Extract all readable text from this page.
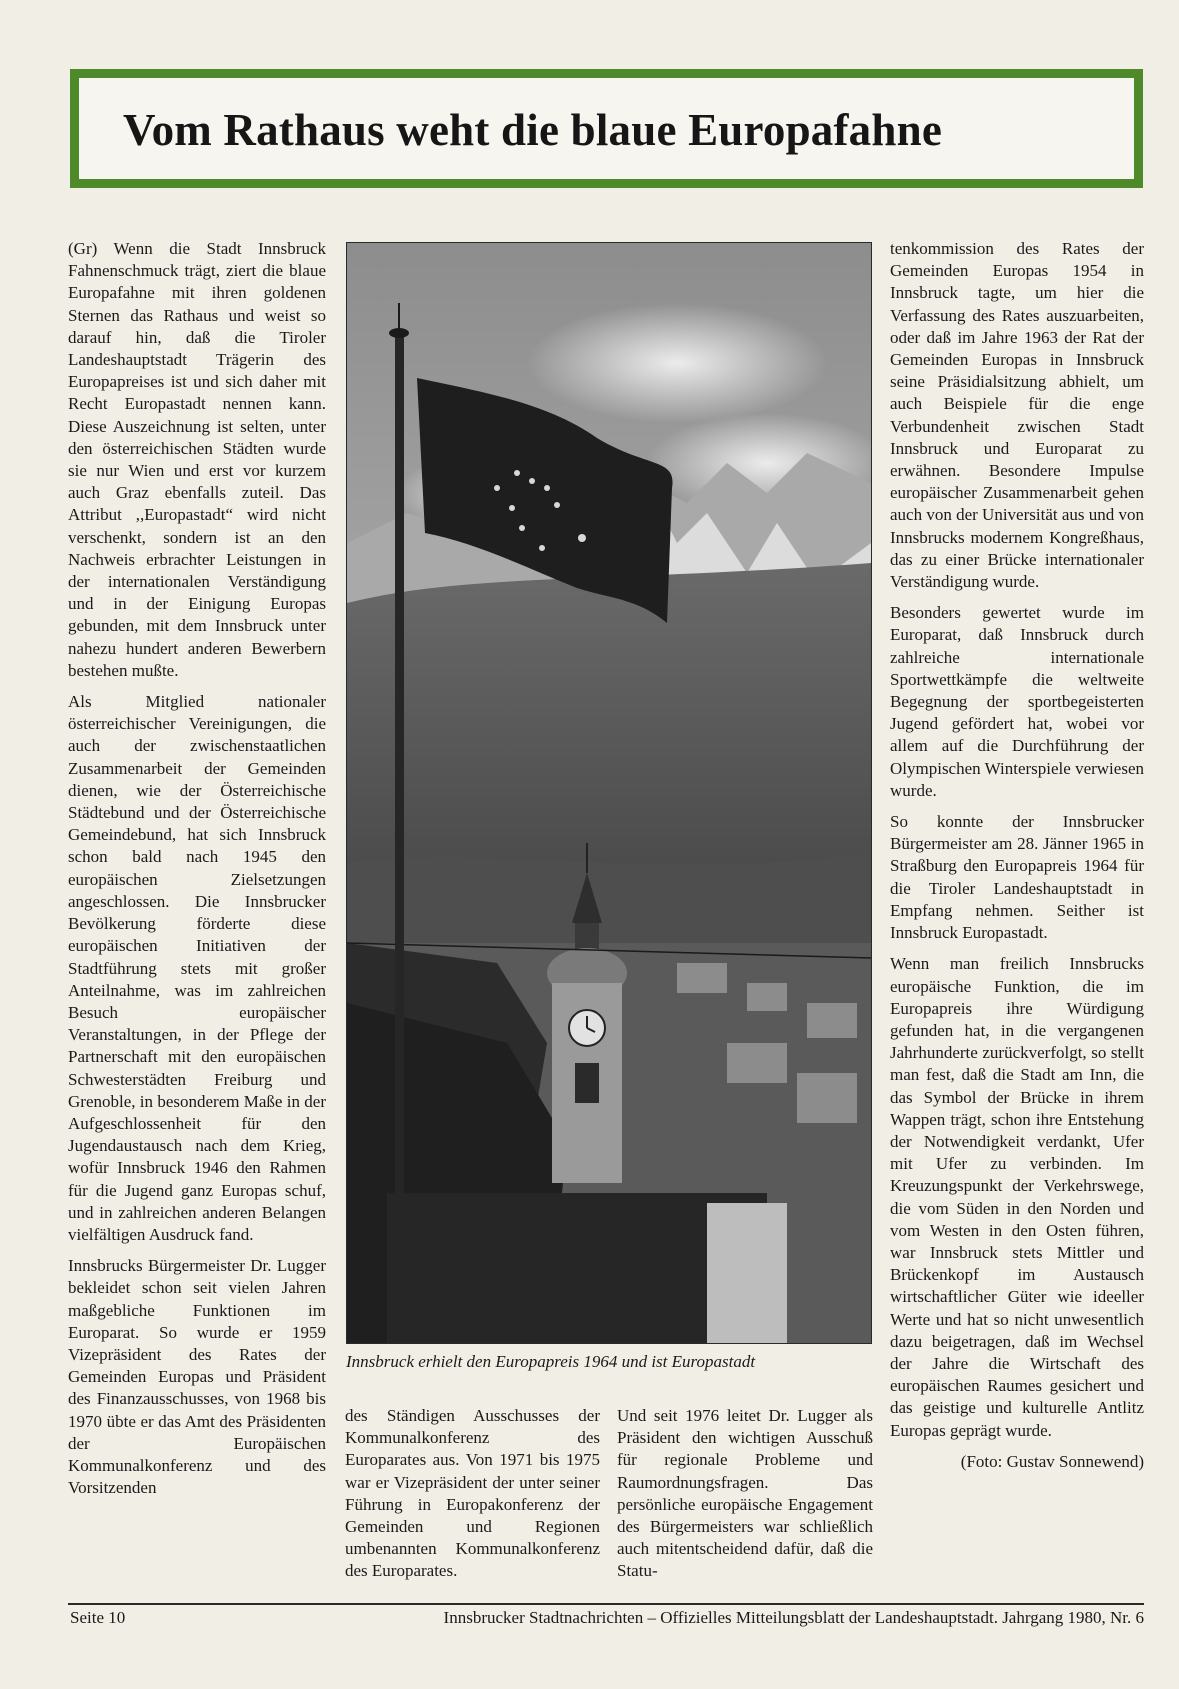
Vom Rathaus weht die blaue Europafahne

(Gr) Wenn die Stadt Innsbruck Fahnenschmuck trägt, ziert die blaue Europafahne mit ihren goldenen Sternen das Rathaus und weist so darauf hin, daß die Tiroler Landeshauptstadt Trägerin des Europapreises ist und sich daher mit Recht Europastadt nennen kann. Diese Auszeichnung ist selten, unter den österreichischen Städten wurde sie nur Wien und erst vor kurzem auch Graz ebenfalls zuteil. Das Attribut ,,Europastadt“ wird nicht verschenkt, sondern ist an den Nachweis erbrachter Leistungen in der internationalen Verständigung und in der Einigung Europas gebunden, mit dem Innsbruck unter nahezu hundert anderen Bewerbern bestehen mußte.

Als Mitglied nationaler österreichischer Vereinigungen, die auch der zwischenstaatlichen Zusammenarbeit der Gemeinden dienen, wie der Österreichische Städtebund und der Österreichische Gemeindebund, hat sich Innsbruck schon bald nach 1945 den europäischen Zielsetzungen angeschlossen. Die Innsbrucker Bevölkerung förderte diese europäischen Initiativen der Stadtführung stets mit großer Anteilnahme, was im zahlreichen Besuch europäischer Veranstaltungen, in der Pflege der Partnerschaft mit den europäischen Schwesterstädten Freiburg und Grenoble, in besonderem Maße in der Aufgeschlossenheit für den Jugendaustausch nach dem Krieg, wofür Innsbruck 1946 den Rahmen für die Jugend ganz Europas schuf, und in zahlreichen anderen Belangen vielfältigen Ausdruck fand.

Innsbrucks Bürgermeister Dr. Lugger bekleidet schon seit vielen Jahren maßgebliche Funktionen im Europarat. So wurde er 1959 Vizepräsident des Rates der Gemeinden Europas und Präsident des Finanzausschusses, von 1968 bis 1970 übte er das Amt des Präsidenten der Europäischen Kommunalkonferenz und des Vorsitzenden

Innsbruck erhielt den Europapreis 1964 und ist Europastadt

des Ständigen Ausschusses der Kommunalkonferenz des Europarates aus. Von 1971 bis 1975 war er Vizepräsident der unter seiner Führung in Europakonferenz der Gemeinden und Regionen umbenannten Kommunalkonferenz des Europarates.

Und seit 1976 leitet Dr. Lugger als Präsident den wichtigen Ausschuß für regionale Probleme und Raumordnungsfragen. Das persönliche europäische Engagement des Bürgermeisters war schließlich auch mitentscheidend dafür, daß die Statu-

tenkommission des Rates der Gemeinden Europas 1954 in Innsbruck tagte, um hier die Verfassung des Rates auszuarbeiten, oder daß im Jahre 1963 der Rat der Gemeinden Europas in Innsbruck seine Präsidialsitzung abhielt, um auch Beispiele für die enge Verbundenheit zwischen Stadt Innsbruck und Europarat zu erwähnen. Besondere Impulse europäischer Zusammenarbeit gehen auch von der Universität aus und von Innsbrucks modernem Kongreßhaus, das zu einer Brücke internationaler Verständigung wurde.

Besonders gewertet wurde im Europarat, daß Innsbruck durch zahlreiche internationale Sportwettkämpfe die weltweite Begegnung der sportbegeisterten Jugend gefördert hat, wobei vor allem auf die Durchführung der Olympischen Winterspiele verwiesen wurde.

So konnte der Innsbrucker Bürgermeister am 28. Jänner 1965 in Straßburg den Europapreis 1964 für die Tiroler Landeshauptstadt in Empfang nehmen. Seither ist Innsbruck Europastadt.

Wenn man freilich Innsbrucks europäische Funktion, die im Europapreis ihre Würdigung gefunden hat, in die vergangenen Jahrhunderte zurückverfolgt, so stellt man fest, daß die Stadt am Inn, die das Symbol der Brücke in ihrem Wappen trägt, schon ihre Entstehung der Notwendigkeit verdankt, Ufer mit Ufer zu verbinden. Im Kreuzungspunkt der Verkehrswege, die vom Süden in den Norden und vom Westen in den Osten führen, war Innsbruck stets Mittler und Brückenkopf im Austausch wirtschaftlicher Güter wie ideeller Werte und hat so nicht unwesentlich dazu beigetragen, daß im Wechsel der Jahre die Wirtschaft des europäischen Raumes gesichert und das geistige und kulturelle Antlitz Europas geprägt wurde.

(Foto: Gustav Sonnewend)
Seite 10	Innsbrucker Stadtnachrichten – Offizielles Mitteilungsblatt der Landeshauptstadt. Jahrgang 1980, Nr. 6
